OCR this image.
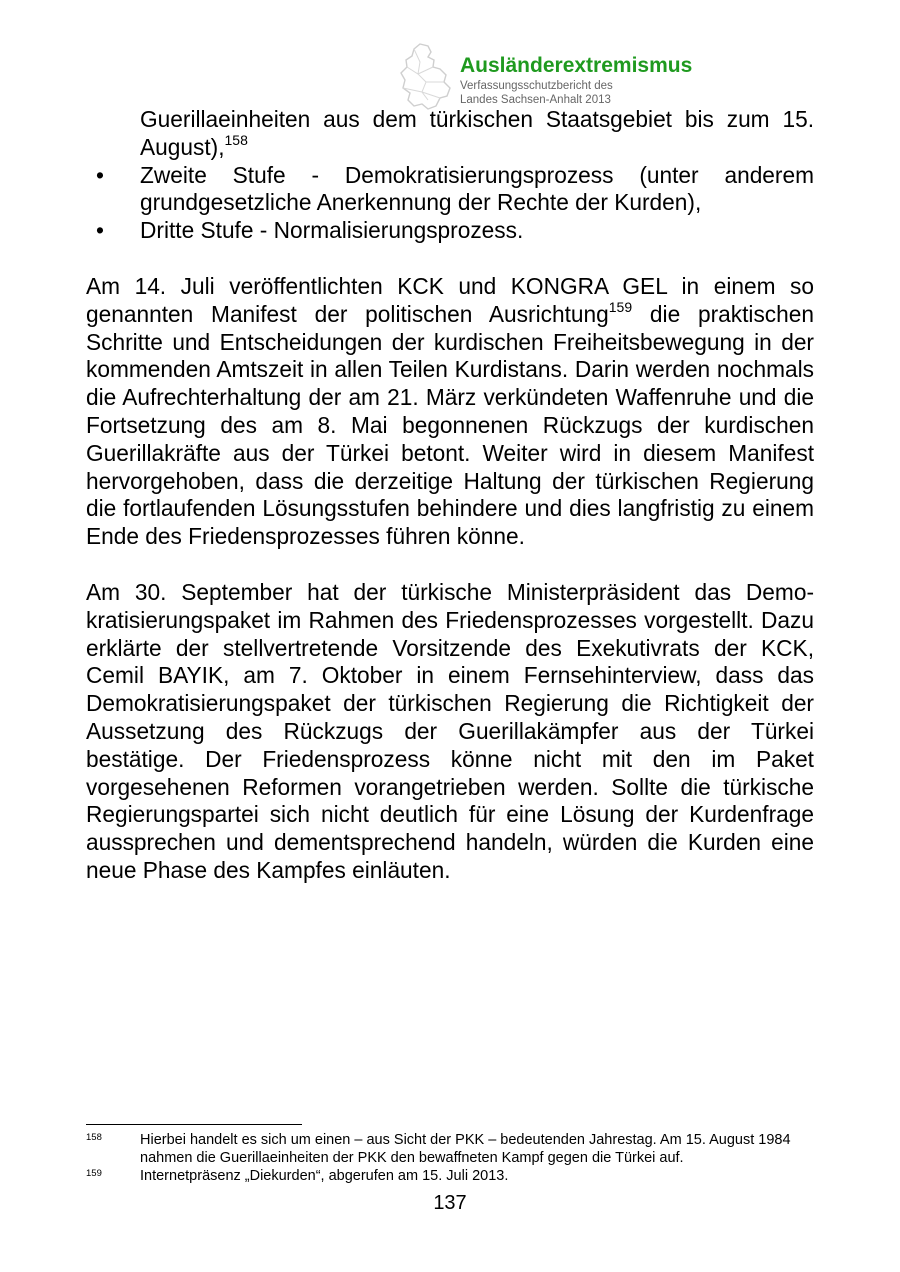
Ausländerextremismus
Verfassungsschutzbericht des
Landes Sachsen-Anhalt 2013

Guerillaeinheiten aus dem türkischen Staatsgebiet bis zum 15. August),$^{158}$

• Zweite Stufe - Demokratisierungsprozess (unter anderem grundgesetzliche Anerkennung der Rechte der Kurden),
• Dritte Stufe - Normalisierungsprozess.

Am 14. Juli veröffentlichten KCK und KONGRA GEL in einem so genannten Manifest der politischen Ausrichtung$^{159}$ die praktischen Schritte und Entscheidungen der kurdischen Freiheitsbewegung in der kommenden Amtszeit in allen Teilen Kurdistans. Darin werden nochmals die Aufrechterhaltung der am 21. März verkündeten Waffenruhe und die Fortsetzung des am 8. Mai begonnenen Rückzugs der kurdischen Guerillakräfte aus der Türkei betont. Weiter wird in diesem Manifest hervorgehoben, dass die derzeitige Haltung der türkischen Regierung die fortlaufenden Lösungsstufen behindere und dies langfristig zu einem Ende des Friedensprozesses führen könne.

Am 30. September hat der türkische Ministerpräsident das Demokratisierungspaket im Rahmen des Friedensprozesses vorgestellt. Dazu erklärte der stellvertretende Vorsitzende des Exekutivrats der KCK, Cemil BAYIK, am 7. Oktober in einem Fernsehinterview, dass das Demokratisierungspaket der türkischen Regierung die Richtigkeit der Aussetzung des Rückzugs der Guerillakämpfer aus der Türkei bestätige. Der Friedensprozess könne nicht mit den im Paket vorgesehenen Reformen vorangetrieben werden. Sollte die türkische Regierungspartei sich nicht deutlich für eine Lösung der Kurdenfrage aussprechen und dementsprechend handeln, würden die Kurden eine neue Phase des Kampfes einläuten.

158	Hierbei handelt es sich um einen – aus Sicht der PKK – bedeutenden Jahrestag. Am 15. August 1984 nahmen die Guerillaeinheiten der PKK den bewaffneten Kampf gegen die Türkei auf.
159	Internetpräsenz „Diekurden“, abgerufen am 15. Juli 2013.
137
